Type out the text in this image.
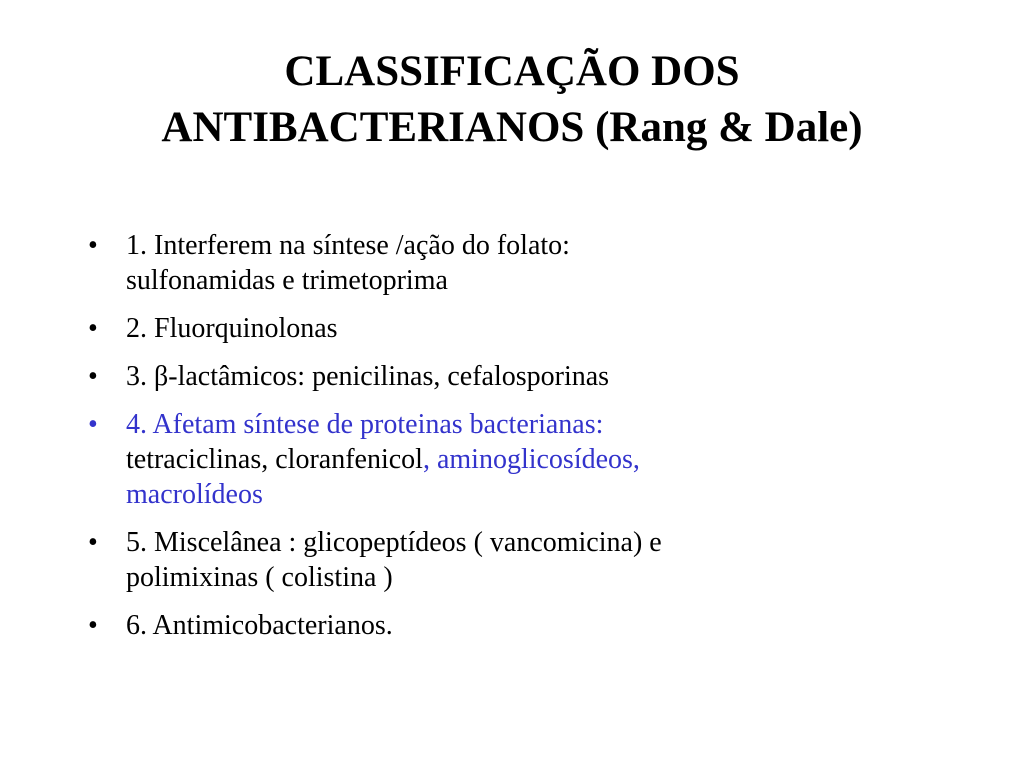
CLASSIFICAÇÃO DOS
ANTIBACTERIANOS (Rang & Dale)
•	1. Interferem na síntese /ação do folato:
sulfonamidas e trimetoprima
•	2. Fluorquinolonas
•	3. β-lactâmicos: penicilinas, cefalosporinas
•	4. Afetam síntese de proteinas bacterianas:
tetraciclinas, cloranfenicol, aminoglicosídeos,
macrolídeos
•	5. Miscelânea : glicopeptídeos ( vancomicina) e
polimixinas ( colistina )
•	6. Antimicobacterianos.
